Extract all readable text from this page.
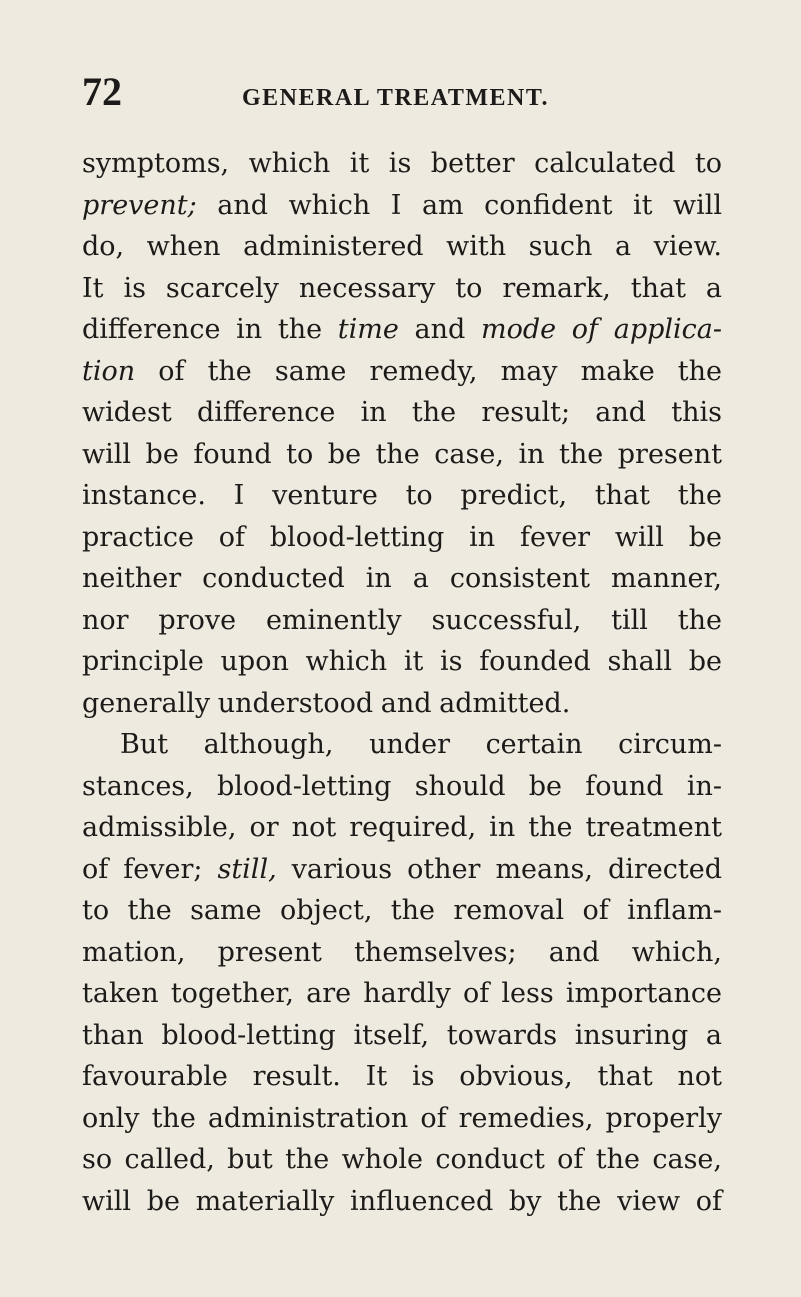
72	GENERAL TREATMENT.
symptoms, which it is better calculated to
prevent; and which I am confident it will
do, when administered with such a view.
It is scarcely necessary to remark, that a
difference in the time and mode of applica-
tion of the same remedy, may make the
widest difference in the result; and this
will be found to be the case, in the present
instance. I venture to predict, that the
practice of blood-letting in fever will be
neither conducted in a consistent manner,
nor prove eminently successful, till the
principle upon which it is founded shall be
generally understood and admitted.
But although, under certain circum-
stances, blood-letting should be found in-
admissible, or not required, in the treatment
of fever; still, various other means, directed
to the same object, the removal of inflam-
mation, present themselves; and which,
taken together, are hardly of less importance
than blood-letting itself, towards insuring a
favourable result. It is obvious, that not
only the administration of remedies, properly
so called, but the whole conduct of the case,
will be materially influenced by the view of
